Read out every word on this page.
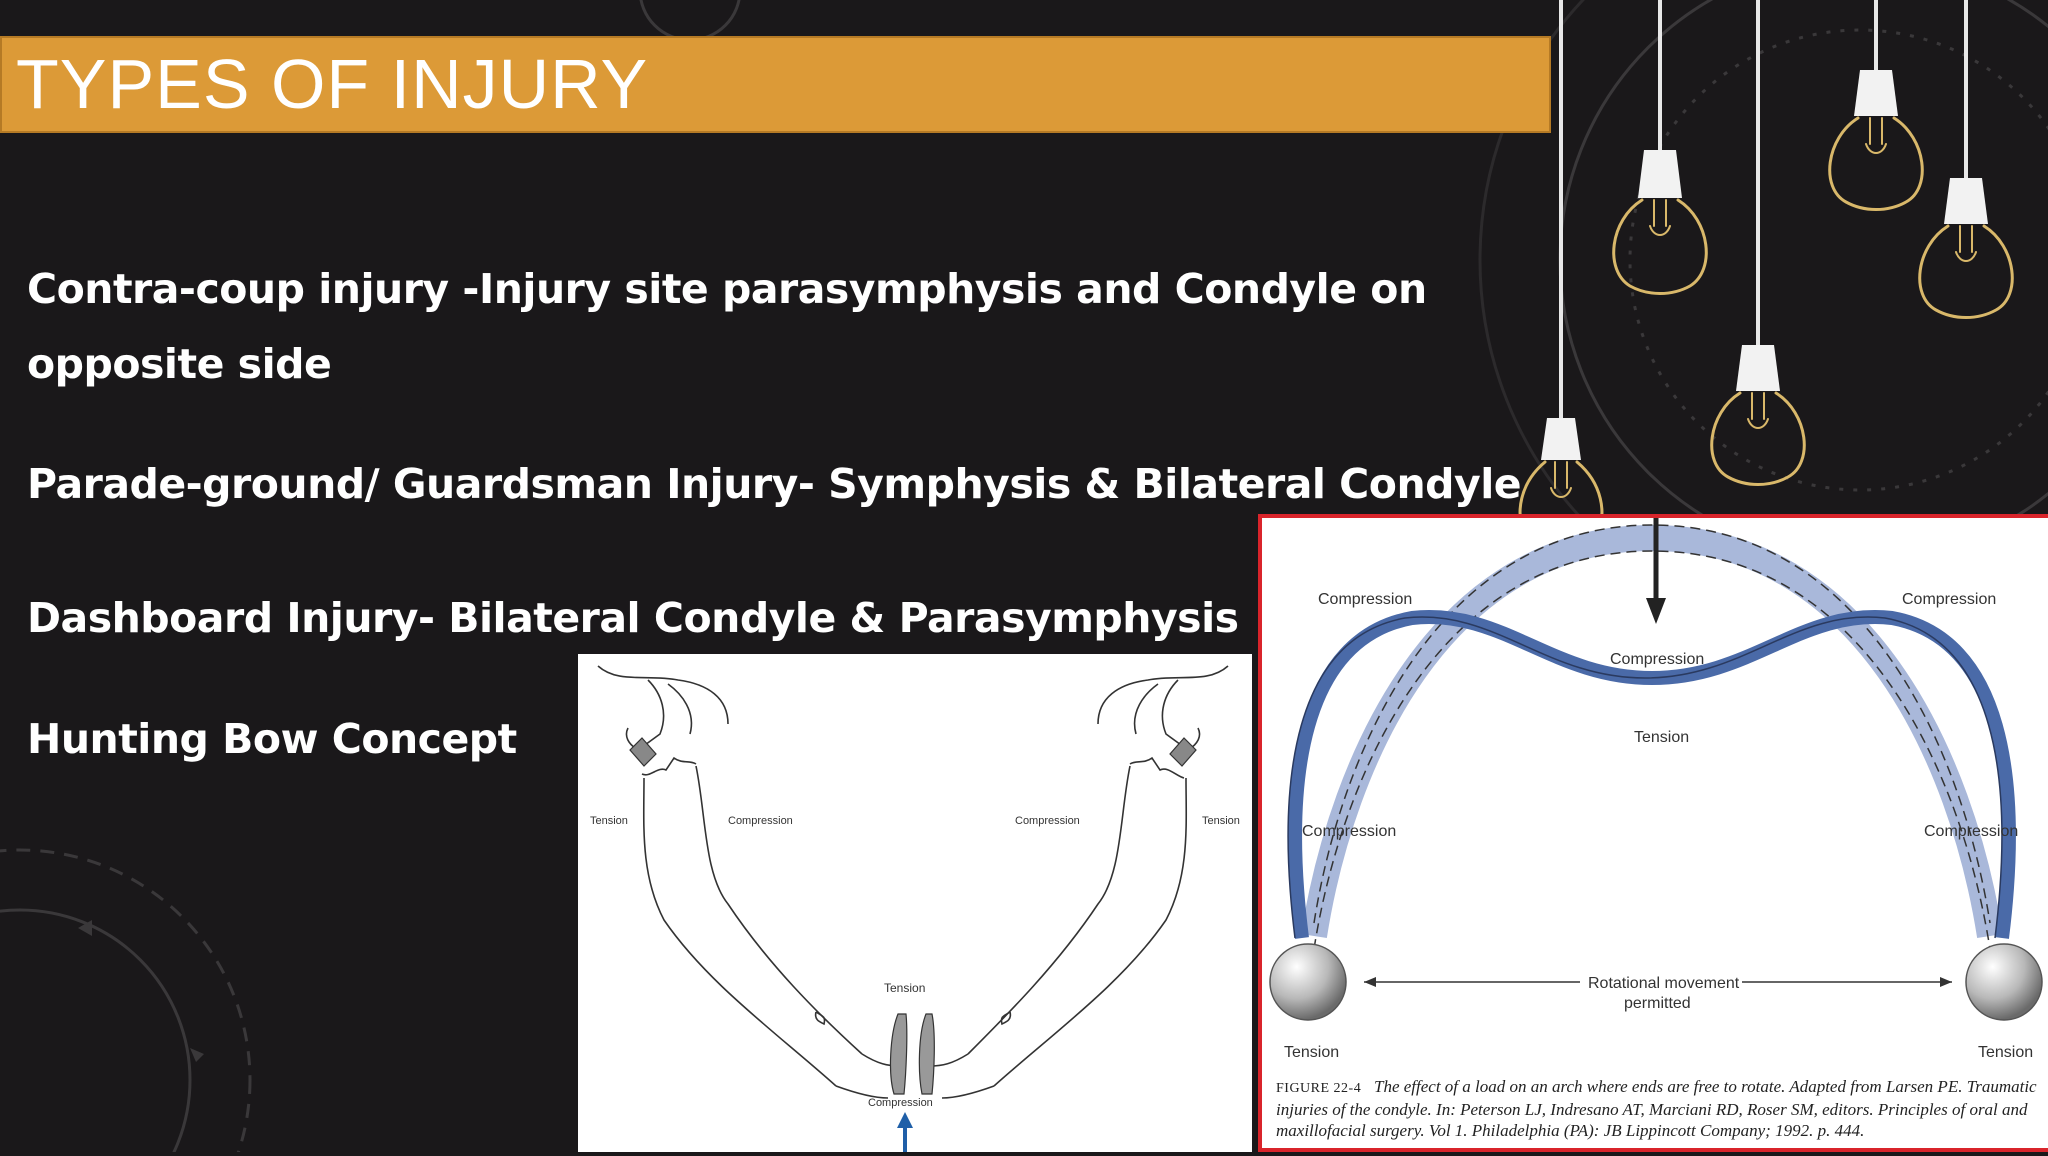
TYPES OF INJURY
Contra-coup injury -Injury site parasymphysis and Condyle on opposite side
Parade-ground/ Guardsman Injury- Symphysis & Bilateral Condyle
Dashboard Injury- Bilateral Condyle & Parasymphysis
Hunting Bow Concept
Tension	Compression	Compression	Tension
Tension
Compression
Compression	Compression
Compression
Tension
Compression	Compression
Rotational movement
permitted
Tension	Tension
FIGURE 22-4 The effect of a load on an arch where ends are free to rotate. Adapted from Larsen PE. Traumatic injuries of the condyle. In: Peterson LJ, Indresano AT, Marciani RD, Roser SM, editors. Principles of oral and maxillofacial surgery. Vol 1. Philadelphia (PA): JB Lippincott Company; 1992. p. 444.
